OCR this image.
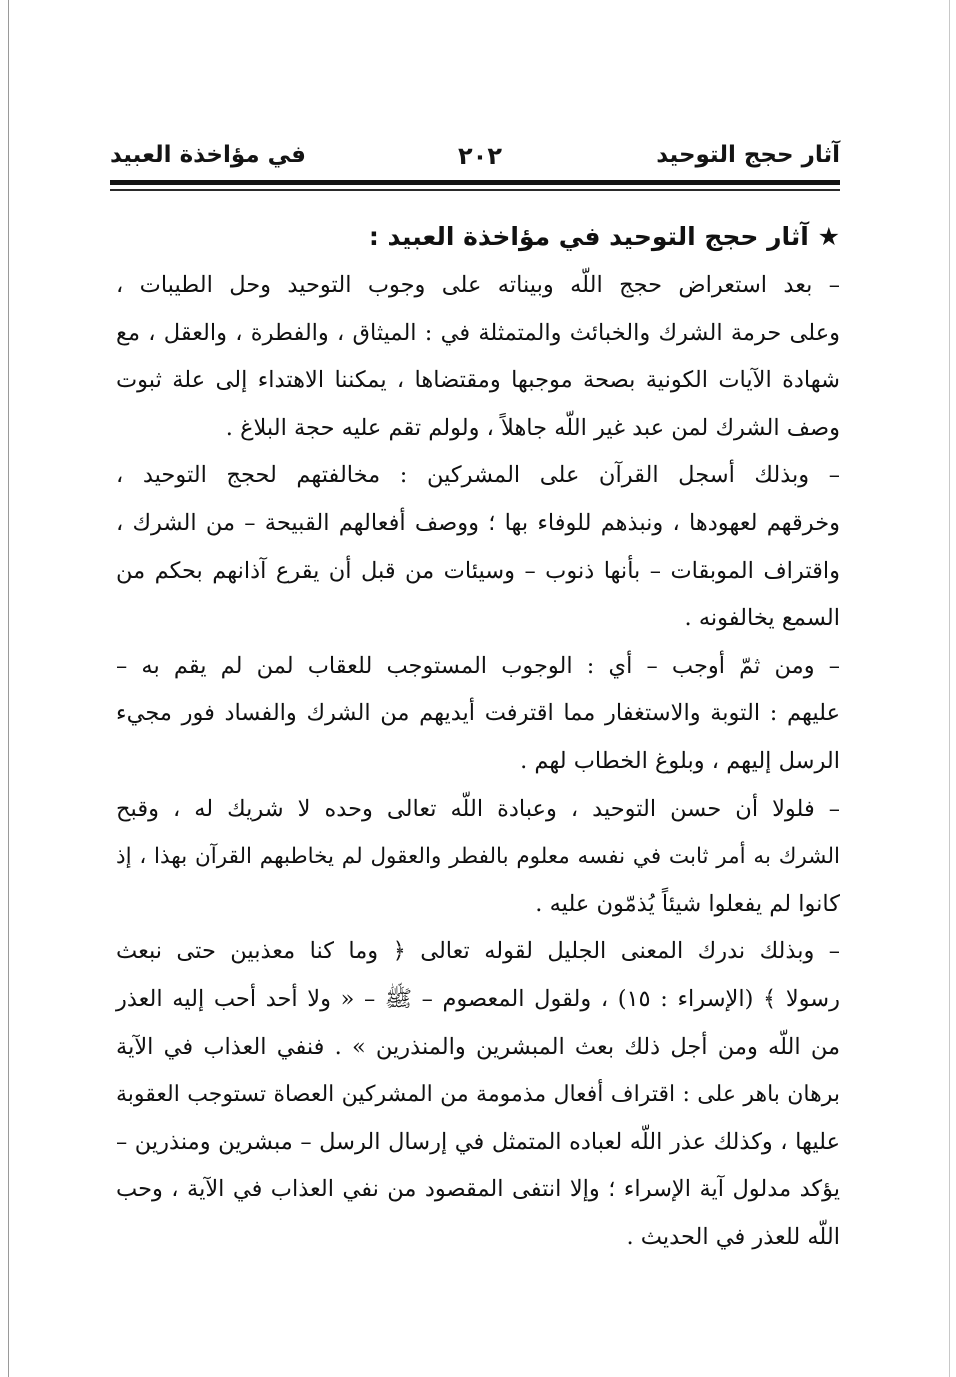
آثار حجج التوحيد
٢٠٢
في مؤاخذة العبيد
★ آثار حجج التوحيد في مؤاخذة العبيد :
– بعد استعراض حجج اللّه وبيناته على وجوب التوحيد وحل الطيبات ،
وعلى حرمة الشرك والخبائث والمتمثلة في : الميثاق ، والفطرة ، والعقل ، مع
شهادة الآيات الكونية بصحة موجبها ومقتضاها ، يمكننا الاهتداء إلى علة ثبوت
وصف الشرك لمن عبد غير اللّه جاهلاً ، ولولم تقم عليه حجة البلاغ .
– وبذلك أسجل القرآن على المشركين : مخالفتهم لحجج التوحيد ،
وخرقهم لعهودها ، ونبذهم للوفاء بها ؛ ووصف أفعالهم القبيحة – من الشرك ،
واقتراف الموبقات – بأنها ذنوب – وسيئات من قبل أن يقرع آذانهم بحكم من
السمع يخالفونه .
– ومن ثمّ أوجب – أي : الوجوب المستوجب للعقاب لمن لم يقم به –
عليهم : التوبة والاستغفار مما اقترفت أيديهم من الشرك والفساد فور مجيء
الرسل إليهم ، وبلوغ الخطاب لهم .
– فلولا أن حسن التوحيد ، وعبادة اللّه تعالى وحده لا شريك له ، وقبح
الشرك به أمر ثابت في نفسه معلوم بالفطر والعقول لم يخاطبهم القرآن بهذا ، إذ
كانوا لم يفعلوا شيئاً يُذمّون عليه .
– وبذلك ندرك المعنى الجليل لقوله تعالى ﴿ وما كنا معذبين حتى نبعث
رسولا ﴾ (الإسراء : ١٥) ، ولقول المعصوم – ﷺ – « ولا أحد أحب إليه العذر
من اللّه ومن أجل ذلك بعث المبشرين والمنذرين » . فنفي العذاب في الآية
برهان باهر على : اقتراف أفعال مذمومة من المشركين العصاة تستوجب العقوبة
عليها ، وكذلك عذر اللّه لعباده المتمثل في إرسال الرسل – مبشرين ومنذرين –
يؤكد مدلول آية الإسراء ؛ وإلا انتفى المقصود من نفي العذاب في الآية ، وحب
اللّه للعذر في الحديث .
